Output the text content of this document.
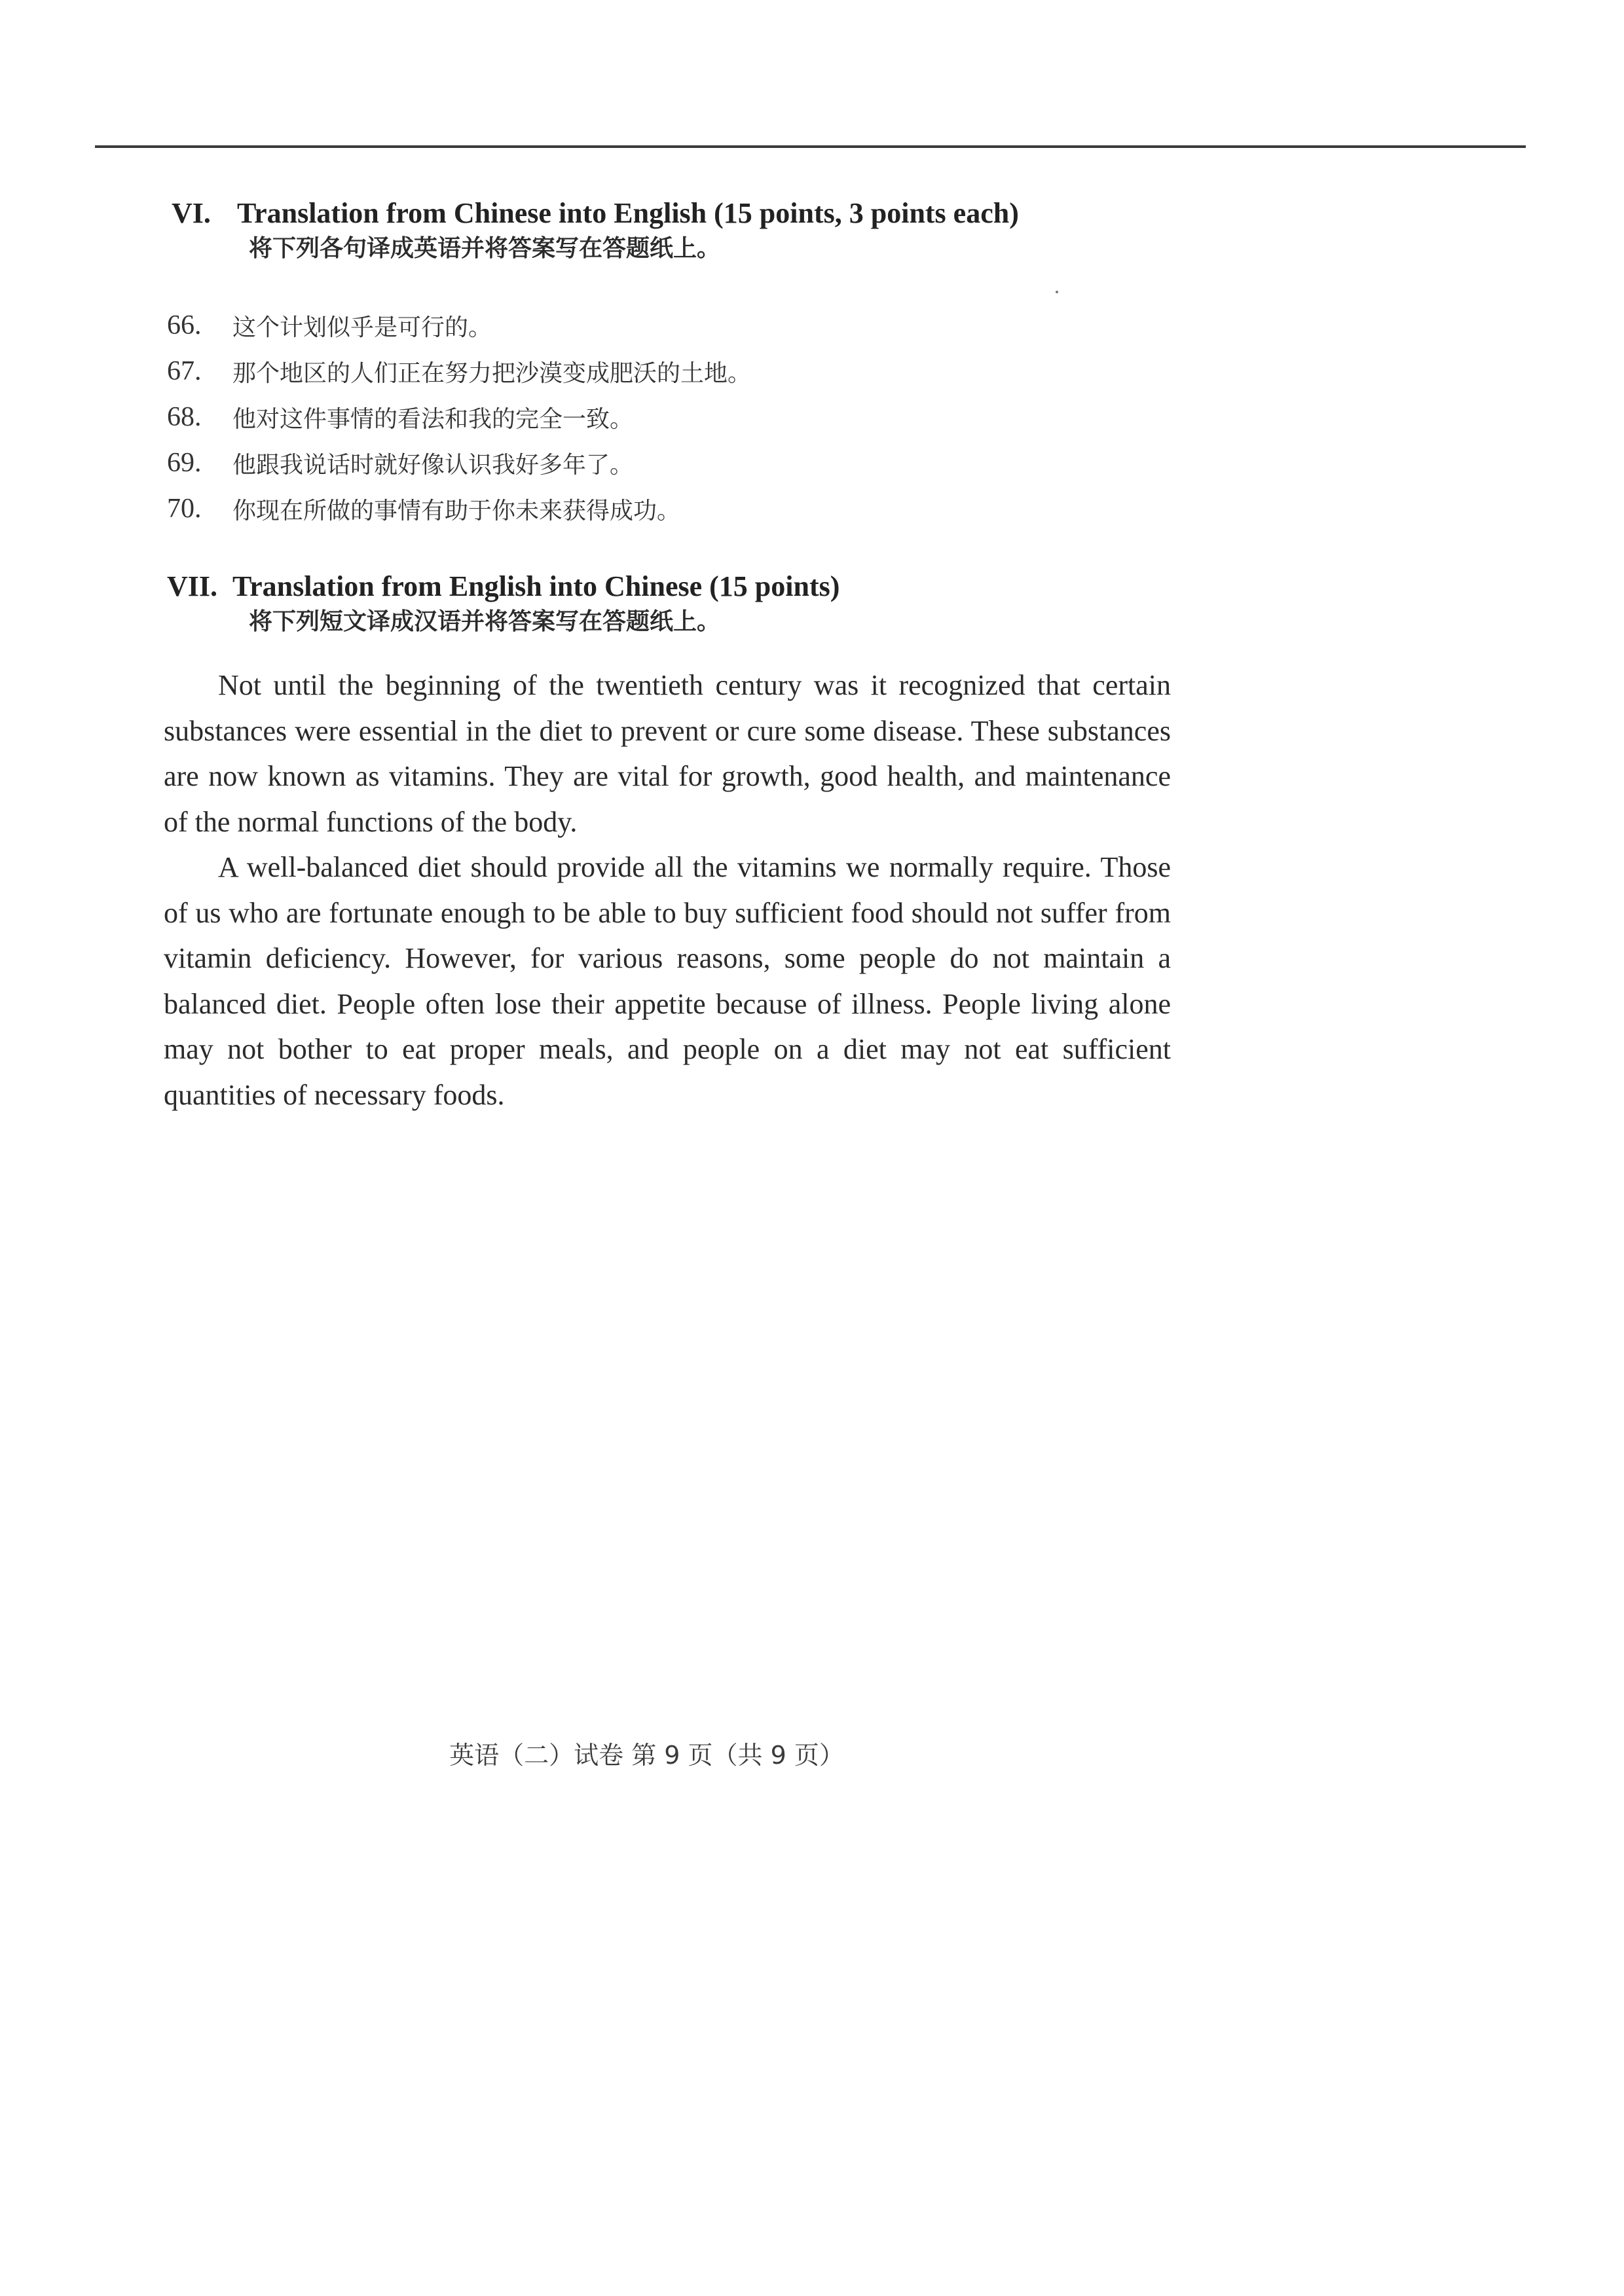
VI. Translation from Chinese into English (15 points, 3 points each)
将下列各句译成英语并将答案写在答题纸上。
66.	这个计划似乎是可行的。
67.	那个地区的人们正在努力把沙漠变成肥沃的土地。
68.	他对这件事情的看法和我的完全一致。
69.	他跟我说话时就好像认识我好多年了。
70.	你现在所做的事情有助于你未来获得成功。
VII. Translation from English into Chinese (15 points)
将下列短文译成汉语并将答案写在答题纸上。

Not until the beginning of the twentieth century was it recognized that certain substances were essential in the diet to prevent or cure some disease. These substances are now known as vitamins. They are vital for growth, good health, and maintenance of the normal functions of the body.

A well-balanced diet should provide all the vitamins we normally require. Those of us who are fortunate enough to be able to buy sufficient food should not suffer from vitamin deficiency. However, for various reasons, some people do not maintain a balanced diet. People often lose their appetite because of illness. People living alone may not bother to eat proper meals, and people on a diet may not eat sufficient quantities of necessary foods.

英语（二）试卷 第 9 页（共 9 页）
